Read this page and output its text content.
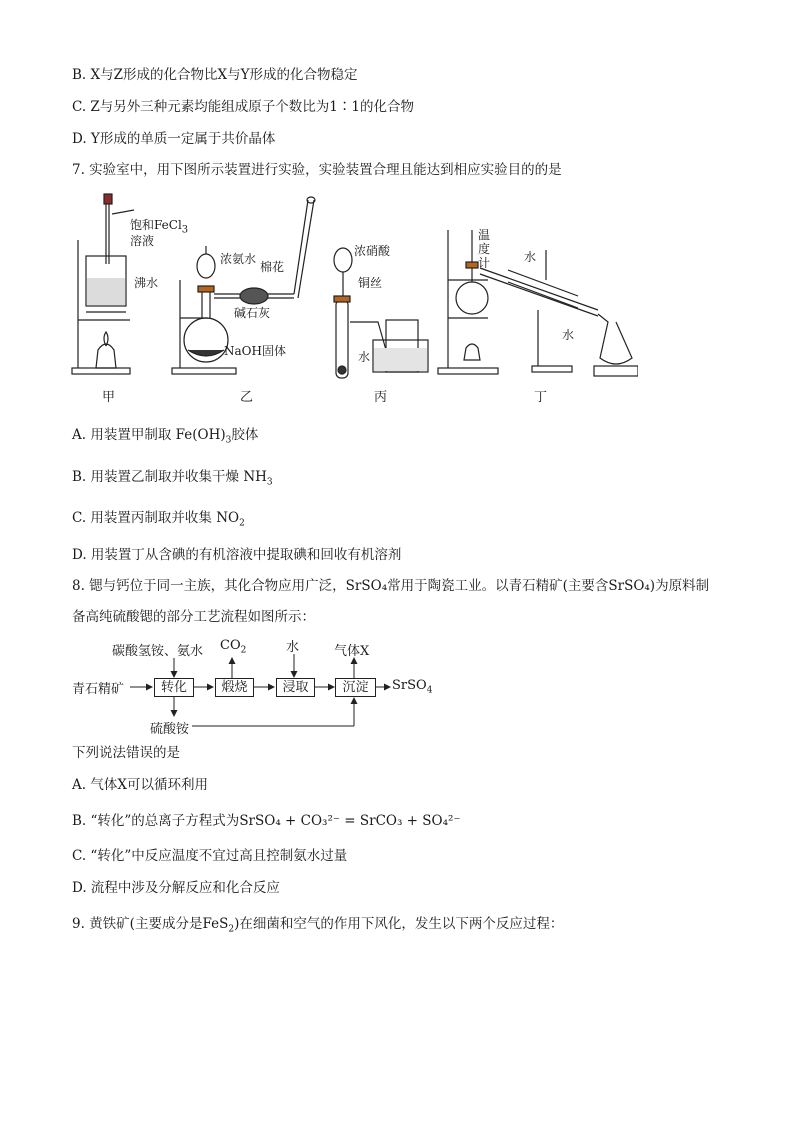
B. X与Z形成的化合物比X与Y形成的化合物稳定
C. Z与另外三种元素均能组成原子个数比为1∶1的化合物
D. Y形成的单质一定属于共价晶体
7. 实验室中，用下图所示装置进行实验，实验装置合理且能达到相应实验目的的是
饱和FeCl$_3$
溶液
沸水
浓氨水
棉花
碱石灰
NaOH固体
浓硝酸
铜丝
水
温
度
计	水
水
甲	乙	丙	丁
A. 用装置甲制取 $Fe(OH)_3$胶体
B. 用装置乙制取并收集干燥 $NH_3$
C. 用装置丙制取并收集 $NO_2$
D. 用装置丁从含碘的有机溶液中提取碘和回收有机溶剂
8. 锶与钙位于同一主族，其化合物应用广泛，SrSO₄常用于陶瓷工业。以青石精矿(主要含SrSO₄)为原料制
备高纯硫酸锶的部分工艺流程如图所示：
青石精矿
碳酸氢铵、氨水 $CO_2$	水	气体X
转化	煅烧	浸取	沉淀	SrSO$_4$
硫酸铵
下列说法错误的是
A. 气体X可以循环利用
B. “转化”的总离子方程式为SrSO₄ + CO₃²⁻ = SrCO₃ + SO₄²⁻
C. “转化”中反应温度不宜过高且控制氨水过量
D. 流程中涉及分解反应和化合反应
9. 黄铁矿(主要成分是FeS$_2$)在细菌和空气的作用下风化，发生以下两个反应过程：
